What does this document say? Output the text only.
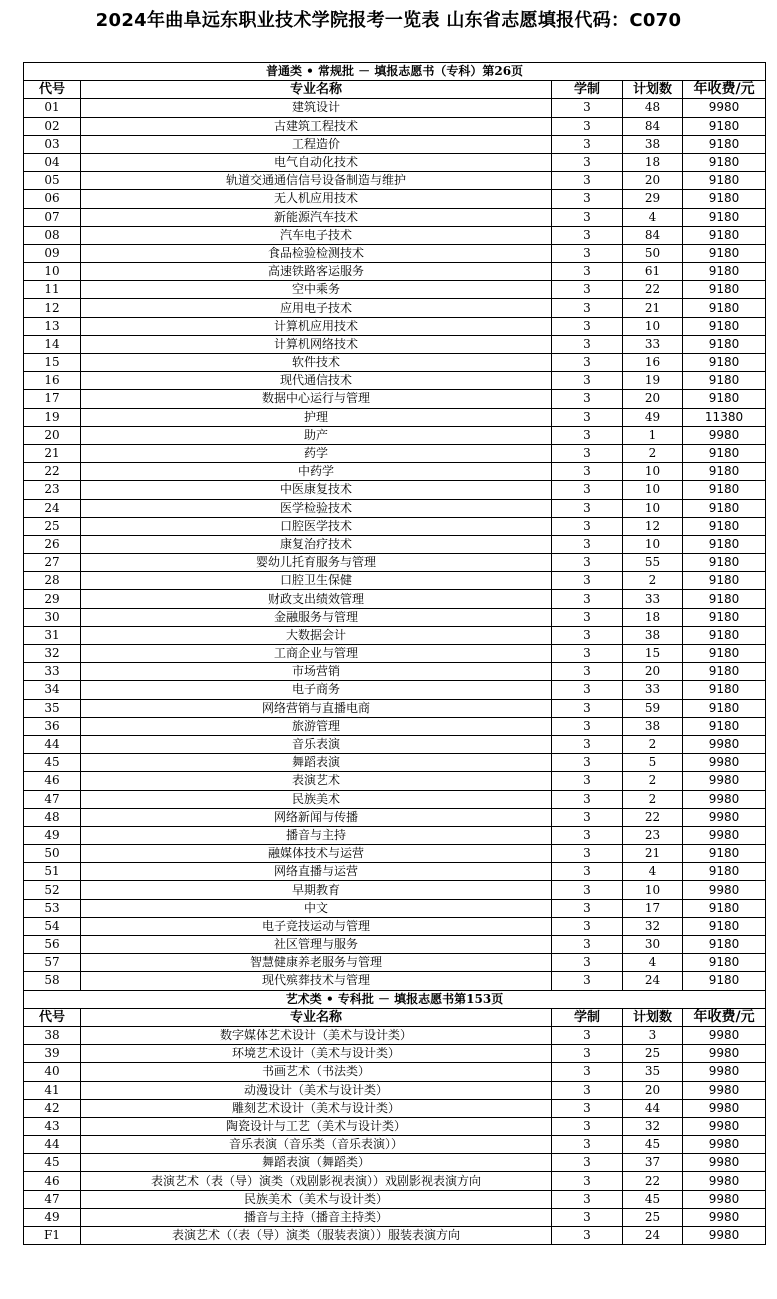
2024年曲阜远东职业技术学院报考一览表 山东省志愿填报代码：C070
普通类 • 常规批 － 填报志愿书（专科）第26页				
代号	专业名称	学制	计划数	年收费/元
01	建筑设计	3	48	9980
02	古建筑工程技术	3	84	9180
03	工程造价	3	38	9180
04	电气自动化技术	3	18	9180
05	轨道交通通信信号设备制造与维护	3	20	9180
06	无人机应用技术	3	29	9180
07	新能源汽车技术	3	4	9180
08	汽车电子技术	3	84	9180
09	食品检验检测技术	3	50	9180
10	高速铁路客运服务	3	61	9180
11	空中乘务	3	22	9180
12	应用电子技术	3	21	9180
13	计算机应用技术	3	10	9180
14	计算机网络技术	3	33	9180
15	软件技术	3	16	9180
16	现代通信技术	3	19	9180
17	数据中心运行与管理	3	20	9180
19	护理	3	49	11380
20	助产	3	1	9980
21	药学	3	2	9180
22	中药学	3	10	9180
23	中医康复技术	3	10	9180
24	医学检验技术	3	10	9180
25	口腔医学技术	3	12	9180
26	康复治疗技术	3	10	9180
27	婴幼儿托育服务与管理	3	55	9180
28	口腔卫生保健	3	2	9180
29	财政支出绩效管理	3	33	9180
30	金融服务与管理	3	18	9180
31	大数据会计	3	38	9180
32	工商企业与管理	3	15	9180
33	市场营销	3	20	9180
34	电子商务	3	33	9180
35	网络营销与直播电商	3	59	9180
36	旅游管理	3	38	9180
44	音乐表演	3	2	9980
45	舞蹈表演	3	5	9980
46	表演艺术	3	2	9980
47	民族美术	3	2	9980
48	网络新闻与传播	3	22	9980
49	播音与主持	3	23	9980
50	融媒体技术与运营	3	21	9180
51	网络直播与运营	3	4	9180
52	早期教育	3	10	9980
53	中文	3	17	9180
54	电子竞技运动与管理	3	32	9180
56	社区管理与服务	3	30	9180
57	智慧健康养老服务与管理	3	4	9180
58	现代殡葬技术与管理	3	24	9180
艺术类 • 专科批 － 填报志愿书第153页				
代号	专业名称	学制	计划数	年收费/元
38	数字媒体艺术设计（美术与设计类）	3	3	9980
39	环境艺术设计（美术与设计类）	3	25	9980
40	书画艺术（书法类）	3	35	9980
41	动漫设计（美术与设计类）	3	20	9980
42	雕刻艺术设计（美术与设计类）	3	44	9980
43	陶瓷设计与工艺（美术与设计类）	3	32	9980
44	音乐表演（音乐类（音乐表演））	3	45	9980
45	舞蹈表演（舞蹈类）	3	37	9980
46	表演艺术（表（导）演类（戏剧影视表演））戏剧影视表演方向	3	22	9980
47	民族美术（美术与设计类）	3	45	9980
49	播音与主持（播音主持类）	3	25	9980
F1	表演艺术（（表（导）演类（服装表演））服装表演方向	3	24	9980
